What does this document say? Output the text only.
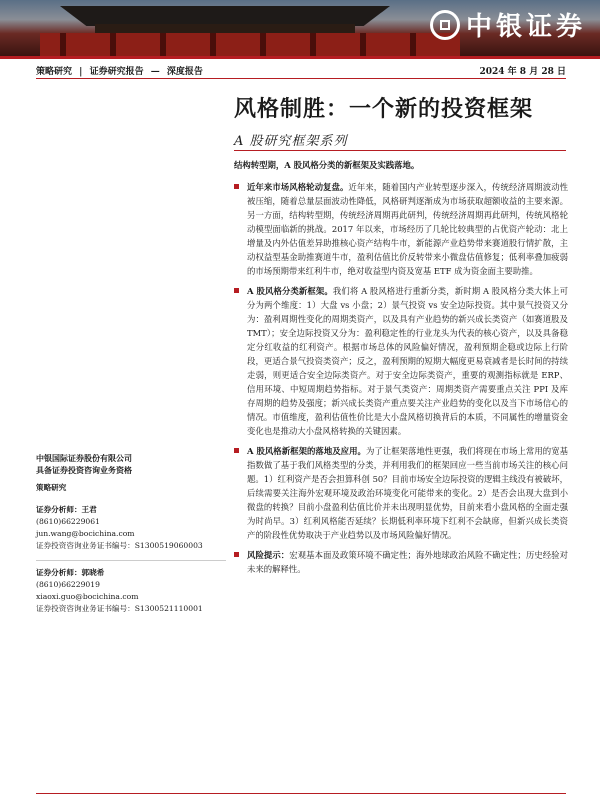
中银证券
策略研究 | 证券研究报告 — 深度报告	2024 年 8 月 28 日
风格制胜：一个新的投资框架
A 股研究框架系列

结构转型期，A 股风格分类的新框架及实践落地。

近年来市场风格轮动复盘。近年来，随着国内产业转型逐步深入，传统经济周期波动性被压缩，随着总量层面波动性降低，风格研判逐渐成为市场获取超额收益的主要来源。另一方面，结构转型期，传统经济周期再此研判，传统经济周期再此研判，传统风格轮动模型面临新的挑战。2017 年以来，市场经历了几轮比较典型的占优资产轮动：北上增量及内外估值差异助推核心资产结构牛市，新能源产业趋势带来赛道股行情扩散，主动权益型基金助推赛道牛市，盈利估值比价反转带来小微盘估值修复；低利率叠加疲弱的市场预期带来红利牛市，绝对收益型内资及宽基 ETF 成为资金面主要助推。
A 股风格分类新框架。我们将 A 股风格进行重新分类，新时期 A 股风格分类大体上可分为两个维度：1）大盘 vs 小盘；2）景气投资 vs 安全边际投资。其中景气投资又分为：盈利周期性变化的周期类资产，以及具有产业趋势的新兴成长类资产（如赛道股及 TMT）；安全边际投资又分为：盈利稳定性的行业龙头为代表的核心资产，以及具备稳定分红收益的红利资产。根据市场总体的风险偏好情况，盈利预期企稳或边际上行阶段，更适合景气投资类资产；反之，盈利预期的短期大幅度更易衰减者是长时间的持续走弱，则更适合安全边际类资产。对于安全边际类资产，重要的观测指标就是 ERP、信用环境、中短周期趋势指标。对于景气类资产：周期类资产需要重点关注 PPI 及库存周期的趋势及强度；新兴成长类资产重点要关注产业趋势的变化以及当下市场信心的情况。市值维度，盈利估值性价比是大小盘风格切换背后的本质，不同属性的增量资金变化也是推动大小盘风格转换的关键因素。
A 股风格新框架的落地及应用。为了让框架落地性更强，我们将现在市场上常用的宽基指数做了基于我们风格类型的分类，并利用我们的框架回应一些当前市场关注的核心问题。1）红利资产是否会担算科创 50？目前市场安全边际投资的逻辑主线没有被破坏，后续需要关注海外宏观环境及政治环境变化可能带来的变化。2）是否会出现大盘到小微盘的转换？目前小盘盈利估值比价并未出现明显优势，目前来看小盘风格的全面走强为时尚早。3）红利风格能否延续？长期低利率环境下红利不会缺席，但新兴成长类资产的阶段性优势取决于产业趋势以及市场风险偏好情况。
风险提示：宏观基本面及政策环境不确定性；海外地球政治风险不确定性；历史经验对未来的解释性。
中银国际证券股份有限公司
具备证券投资咨询业务资格
策略研究
证券分析师：王君
(8610)66229061
jun.wang@bocichina.com
证券投资咨询业务证书编号：S1300519060003
证券分析师：郭晓希
(8610)66229019
xiaoxi.guo@bocichina.com
证券投资咨询业务证书编号：S1300521110001
